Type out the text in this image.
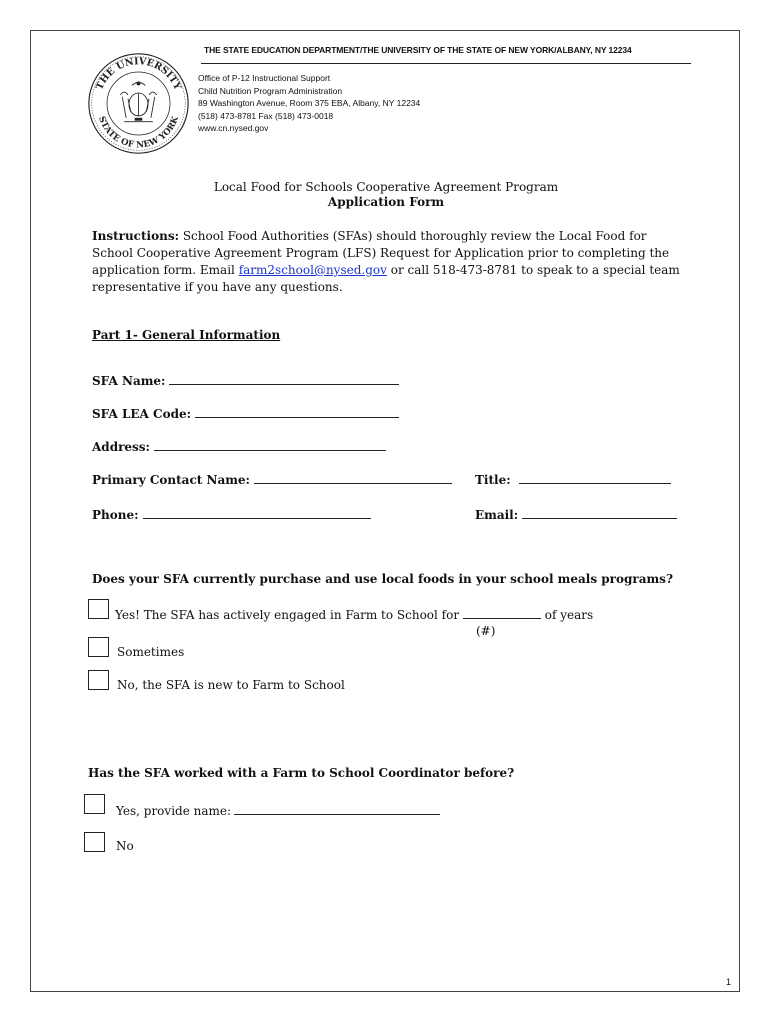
THE UNIVERSITY
STATE OF NEW YORK
THE STATE EDUCATION DEPARTMENT/THE UNIVERSITY OF THE STATE OF NEW YORK/ALBANY, NY 12234
Office of P-12 Instructional Support
Child Nutrition Program Administration
89 Washington Avenue, Room 375 EBA, Albany, NY 12234
(518) 473-8781 Fax (518) 473-0018
www.cn.nysed.gov
Local Food for Schools Cooperative Agreement Program
Application Form
Instructions: School Food Authorities (SFAs) should thoroughly review the Local Food for School Cooperative Agreement Program (LFS) Request for Application prior to completing the application form. Email farm2school@nysed.gov or call 518-473-8781 to speak to a special team representative if you have any questions.
Part 1- General Information
SFA Name:
SFA LEA Code:
Address:
Primary Contact Name:	Title:
Phone:	Email:
Does your SFA currently purchase and use local foods in your school meals programs?
Yes! The SFA has actively engaged in Farm to School for	of years
(#)
Sometimes
No, the SFA is new to Farm to School
Has the SFA worked with a Farm to School Coordinator before?
Yes, provide name:
No
1
